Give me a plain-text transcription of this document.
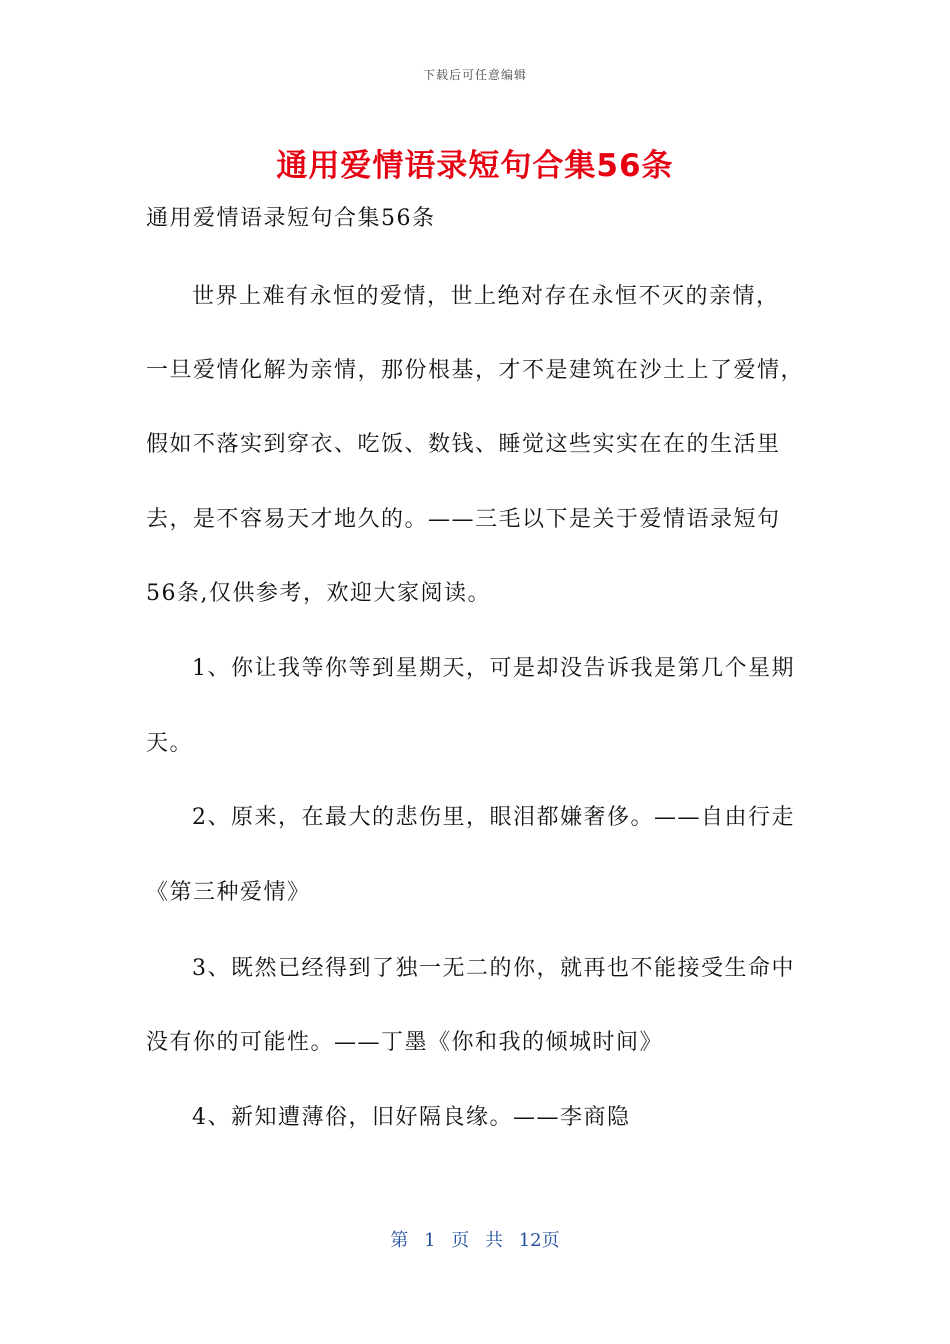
下载后可任意编辑
通用爱情语录短句合集56条
通用爱情语录短句合集56条
世界上难有永恒的爱情，世上绝对存在永恒不灭的亲情，
一旦爱情化解为亲情，那份根基，才不是建筑在沙土上了爱情，
假如不落实到穿衣、吃饭、数钱、睡觉这些实实在在的生活里
去，是不容易天才地久的。——三毛以下是关于爱情语录短句
56条,仅供参考，欢迎大家阅读。
1、你让我等你等到星期天，可是却没告诉我是第几个星期
天。
2、原来，在最大的悲伤里，眼泪都嫌奢侈。——自由行走
《第三种爱情》
3、既然已经得到了独一无二的你，就再也不能接受生命中
没有你的可能性。——丁墨《你和我的倾城时间》
4、新知遭薄俗，旧好隔良缘。——李商隐
第 1 页 共 12页
